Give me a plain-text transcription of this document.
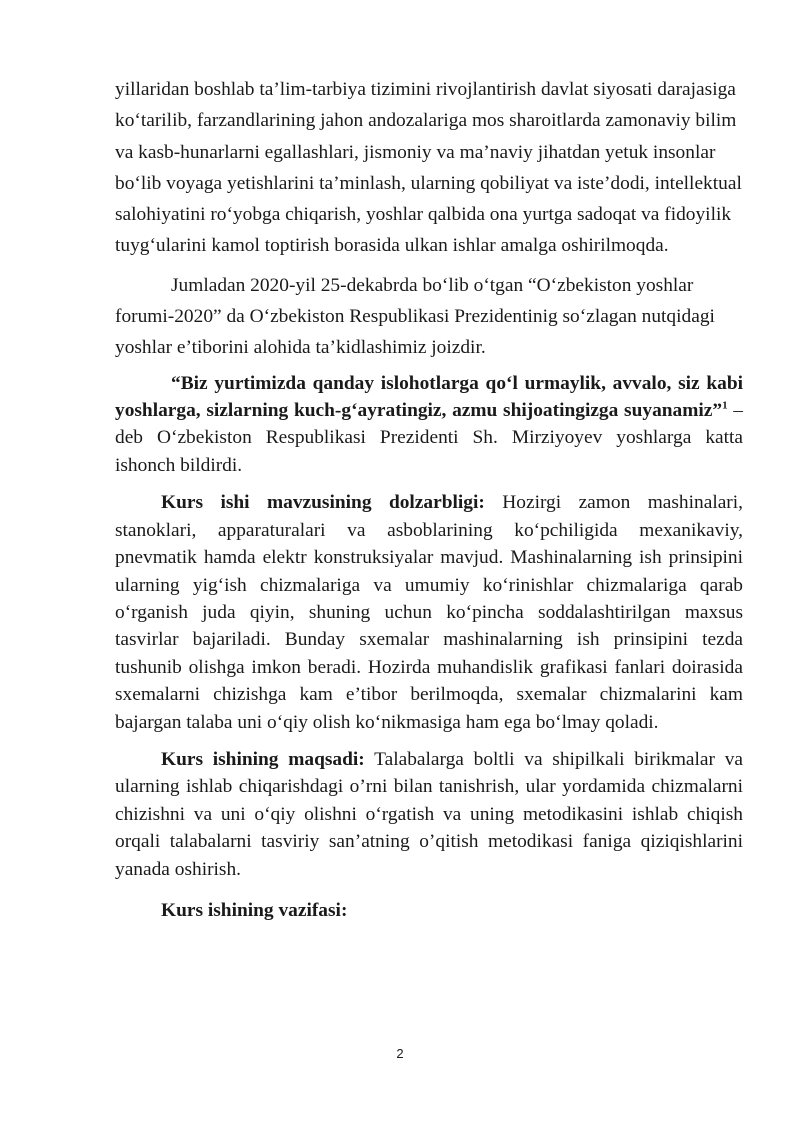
yillaridan boshlab ta’lim-tarbiya tizimini rivojlantirish davlat siyosati darajasiga ko‘tarilib, farzandlarining jahon andozalariga mos sharoitlarda zamonaviy bilim va kasb-hunarlarni egallashlari, jismoniy va ma’naviy jihatdan yetuk insonlar bo‘lib voyaga yetishlarini ta’minlash, ularning qobiliyat va iste’dodi, intellektual salohiyatini ro‘yobga chiqarish, yoshlar qalbida ona yurtga sadoqat va fidoyilik tuyg‘ularini kamol toptirish borasida ulkan ishlar amalga oshirilmoqda.

Jumladan 2020-yil 25-dekabrda bo‘lib o‘tgan “O‘zbekiston yoshlar forumi-2020” da O‘zbekiston Respublikasi Prezidentinig so‘zlagan nutqidagi yoshlar e’tiborini alohida ta’kidlashimiz joizdir.

“Biz yurtimizda qanday islohotlarga qo‘l urmaylik, avvalo, siz kabi yoshlarga, sizlarning kuch-g‘ayratingiz, azmu shijoatingizga suyanamiz”$^1$ – deb O‘zbekiston Respublikasi Prezidenti Sh. Mirziyoyev yoshlarga katta ishonch bildirdi.

Kurs ishi mavzusining dolzarbligi: Hozirgi zamon mashinalari, stanoklari, apparaturalari va asboblarining ko‘pchiligida mexanikaviy, pnevmatik hamda elektr konstruksiyalar mavjud. Mashinalarning ish prinsipini ularning yig‘ish chizmalariga va umumiy ko‘rinishlar chizmalariga qarab o‘rganish juda qiyin, shuning uchun ko‘pincha soddalashtirilgan maxsus tasvirlar bajariladi. Bunday sxemalar mashinalarning ish prinsipini tezda tushunib olishga imkon beradi. Hozirda muhandislik grafikasi fanlari doirasida sxemalarni chizishga kam e’tibor berilmoqda, sxemalar chizmalarini kam bajargan talaba uni o‘qiy olish ko‘nikmasiga ham ega bo‘lmay qoladi.

Kurs ishining maqsadi: Talabalarga boltli va shipilkali birikmalar va ularning ishlab chiqarishdagi o’rni bilan tanishrish, ular yordamida chizmalarni chizishni va uni o‘qiy olishni o‘rgatish va uning metodikasini ishlab chiqish orqali talabalarni tasviriy san’atning o’qitish metodikasi faniga qiziqishlarini yanada oshirish.

Kurs ishining vazifasi:

2
